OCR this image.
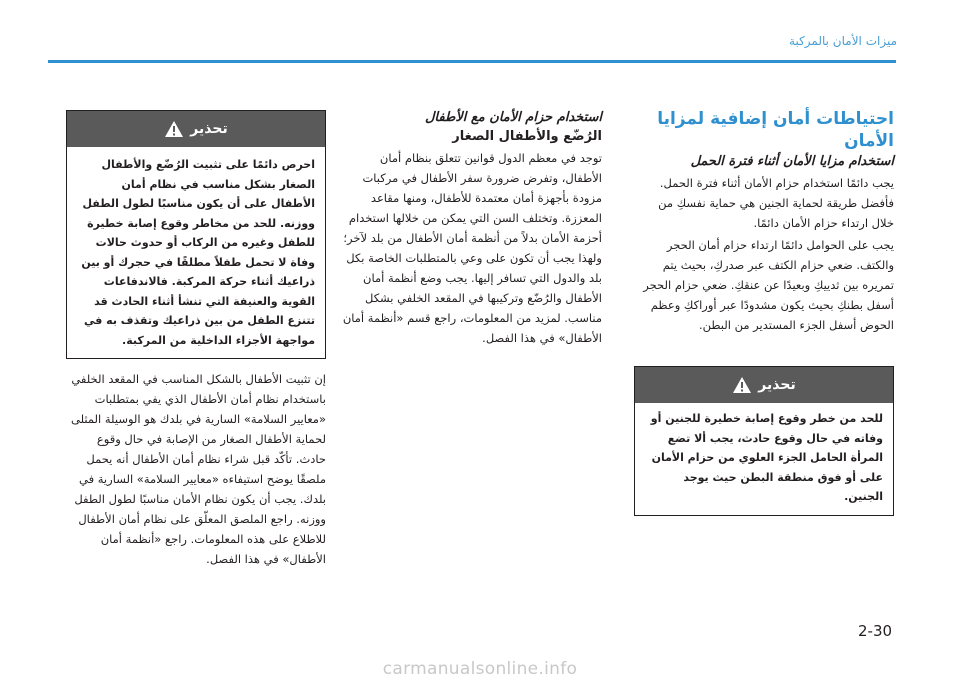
ميزات الأمان بالمركبة
احتياطات أمان إضافية لمزايا الأمان
استخدام مزايا الأمان أثناء فترة الحمل

يجب دائمًا استخدام حزام الأمان أثناء فترة الحمل. فأفضل طريقة لحماية الجنين هي حماية نفسكِ من خلال ارتداء حزام الأمان دائمًا.

يجب على الحوامل دائمًا ارتداء حزام أمان الحجر والكتف. ضعي حزام الكتف عبر صدركِ، بحيث يتم تمريره بين ثدييكِ وبعيدًا عن عنقكِ. ضعي حزام الحجر أسفل بطنكِ بحيث يكون مشدودًا عبر أوراككِ وعظم الحوض أسفل الجزء المستدير من البطن.

تحذير
للحد من خطر وقوع إصابة خطيرة للجنين أو وفاته في حال وقوع حادث، يجب ألا تضع المرأة الحامل الجزء العلوي من حزام الأمان على أو فوق منطقة البطن حيث يوجد الجنين.
استخدام حزام الأمان مع الأطفال
الرُضّع والأطفال الصغار

توجد في معظم الدول قوانين تتعلق بنظام أمان الأطفال، وتفرض ضرورة سفر الأطفال في مركبات مزودة بأجهزة أمان معتمدة للأطفال، ومنها مقاعد المعززة. وتختلف السن التي يمكن من خلالها استخدام أحزمة الأمان بدلاً من أنظمة أمان الأطفال من بلد لآخر؛ ولهذا يجب أن تكون على وعي بالمتطلبات الخاصة بكل بلد والدول التي تسافر إليها. يجب وضع أنظمة أمان الأطفال والرُضّع وتركيبها في المقعد الخلفي بشكل مناسب. لمزيد من المعلومات، راجع قسم «أنظمة أمان الأطفال» في هذا الفصل.

تحذير
احرص دائمًا على تثبيت الرُضّع والأطفال الصغار بشكل مناسب في نظام أمان الأطفال على أن يكون مناسبًا لطول الطفل ووزنه. للحد من مخاطر وقوع إصابة خطيرة للطفل وغيره من الركاب أو حدوث حالات وفاة لا تحمل طفلاً مطلقًا في حجرك أو بين ذراعيك أثناء حركة المركبة. فالاندفاعات القوية والعنيفة التي تنشأ أثناء الحادث قد تتنزع الطفل من بين ذراعيك وتقذف به في مواجهة الأجزاء الداخلية من المركبة.

إن تثبيت الأطفال بالشكل المناسب في المقعد الخلفي باستخدام نظام أمان الأطفال الذي يفي بمتطلبات «معايير السلامة» السارية في بلدك هو الوسيلة المثلى لحماية الأطفال الصغار من الإصابة في حال وقوع حادث. تأكّد قبل شراء نظام أمان الأطفال أنه يحمل ملصقًا يوضح استيفاءه «معايير السلامة» السارية في بلدك. يجب أن يكون نظام الأمان مناسبًا لطول الطفل ووزنه. راجع الملصق المعلّق على نظام أمان الأطفال للاطلاع على هذه المعلومات. راجع «أنظمة أمان الأطفال» في هذا الفصل.

2-30

carmanualsonline.info
